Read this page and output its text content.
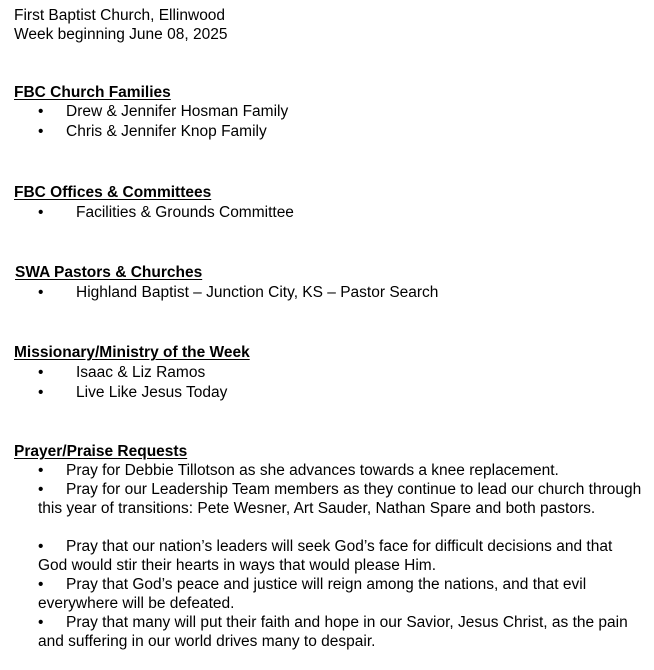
First Baptist Church, Ellinwood
Week beginning June 08, 2025
FBC Church Families
• Drew & Jennifer Hosman Family
• Chris & Jennifer Knop Family
FBC Offices & Committees
• Facilities & Grounds Committee
SWA Pastors & Churches
• Highland Baptist – Junction City, KS – Pastor Search
Missionary/Ministry of the Week
• Isaac & Liz Ramos
• Live Like Jesus Today
Prayer/Praise Requests
• Pray for Debbie Tillotson as she advances towards a knee replacement.
• Pray for our Leadership Team members as they continue to lead our church through this year of transitions: Pete Wesner, Art Sauder, Nathan Spare and both pastors.
• Pray that our nation’s leaders will seek God’s face for difficult decisions and that God would stir their hearts in ways that would please Him.
• Pray that God’s peace and justice will reign among the nations, and that evil everywhere will be defeated.
• Pray that many will put their faith and hope in our Savior, Jesus Christ, as the pain and suffering in our world drives many to despair.
